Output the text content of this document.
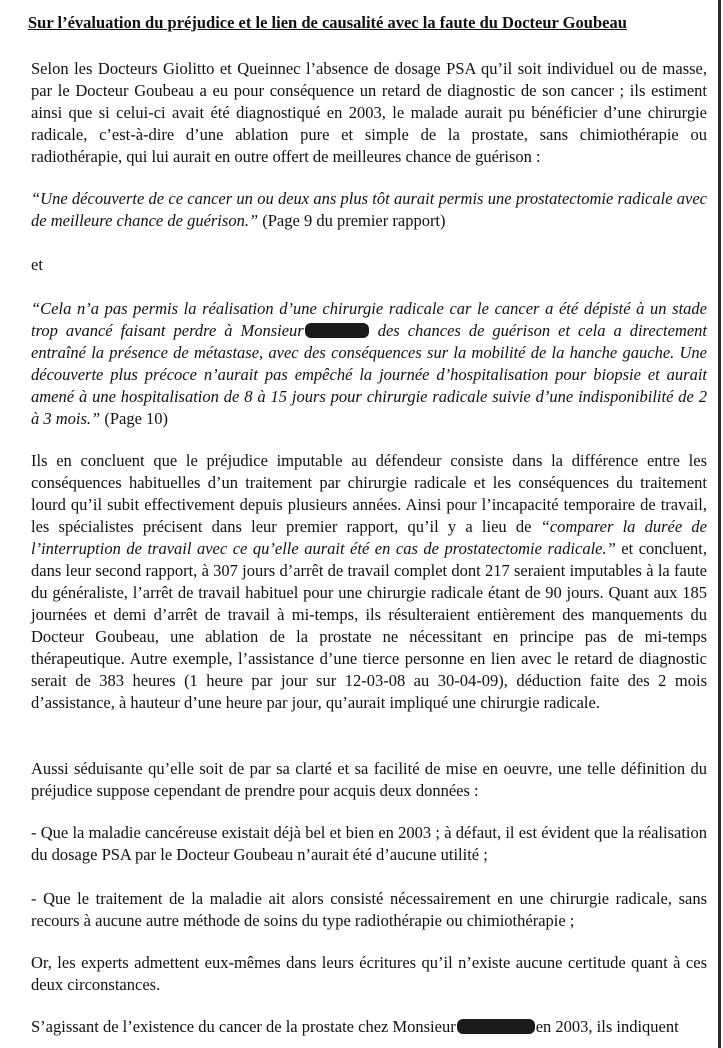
Sur l’évaluation du préjudice et le lien de causalité avec la faute du Docteur Goubeau
Selon les Docteurs Giolitto et Queinnec l’absence de dosage PSA qu’il soit individuel ou de masse, par le Docteur Goubeau a eu pour conséquence un retard de diagnostic de son cancer ; ils estiment ainsi que si celui-ci avait été diagnostiqué en 2003, le malade aurait pu bénéficier d’une chirurgie radicale, c’est-à-dire d’une ablation pure et simple de la prostate, sans chimiothérapie ou radiothérapie, qui lui aurait en outre offert de meilleures chance de guérison :
“Une découverte de ce cancer un ou deux ans plus tôt aurait permis une prostatectomie radicale avec de meilleure chance de guérison.” (Page 9 du premier rapport)
et
“Cela n’a pas permis la réalisation d’une chirurgie radicale car le cancer a été dépisté à un stade trop avancé faisant perdre à Monsieur	des chances de guérison et cela a directement entraîné la présence de métastase, avec des conséquences sur la mobilité de la hanche gauche. Une découverte plus précoce n’aurait pas empêché la journée d’hospitalisation pour biopsie et aurait amené à une hospitalisation de 8 à 15 jours pour chirurgie radicale suivie d’une indisponibilité de 2 à 3 mois.” (Page 10)
Ils en concluent que le préjudice imputable au défendeur consiste dans la différence entre les conséquences habituelles d’un traitement par chirurgie radicale et les conséquences du traitement lourd qu’il subit effectivement depuis plusieurs années. Ainsi pour l’incapacité temporaire de travail, les spécialistes précisent dans leur premier rapport, qu’il y a lieu de “comparer la durée de l’interruption de travail avec ce qu’elle aurait été en cas de prostatectomie radicale.” et concluent, dans leur second rapport, à 307 jours d’arrêt de travail complet dont 217 seraient imputables à la faute du généraliste, l’arrêt de travail habituel pour une chirurgie radicale étant de 90 jours. Quant aux 185 journées et demi d’arrêt de travail à mi-temps, ils résulteraient entièrement des manquements du Docteur Goubeau, une ablation de la prostate ne nécessitant en principe pas de mi-temps thérapeutique. Autre exemple, l’assistance d’une tierce personne en lien avec le retard de diagnostic serait de 383 heures (1 heure par jour sur 12-03-08 au 30-04-09), déduction faite des 2 mois d’assistance, à hauteur d’une heure par jour, qu’aurait impliqué une chirurgie radicale.
Aussi séduisante qu’elle soit de par sa clarté et sa facilité de mise en oeuvre, une telle définition du préjudice suppose cependant de prendre pour acquis deux données :
- Que la maladie cancéreuse existait déjà bel et bien en 2003 ; à défaut, il est évident que la réalisation du dosage PSA par le Docteur Goubeau n’aurait été d’aucune utilité ;
- Que le traitement de la maladie ait alors consisté nécessairement en une chirurgie radicale, sans recours à aucune autre méthode de soins du type radiothérapie ou chimiothérapie ;
Or, les experts admettent eux-mêmes dans leurs écritures qu’il n’existe aucune certitude quant à ces deux circonstances.
S’agissant de l’existence du cancer de la prostate chez Monsieur	en 2003, ils indiquent
